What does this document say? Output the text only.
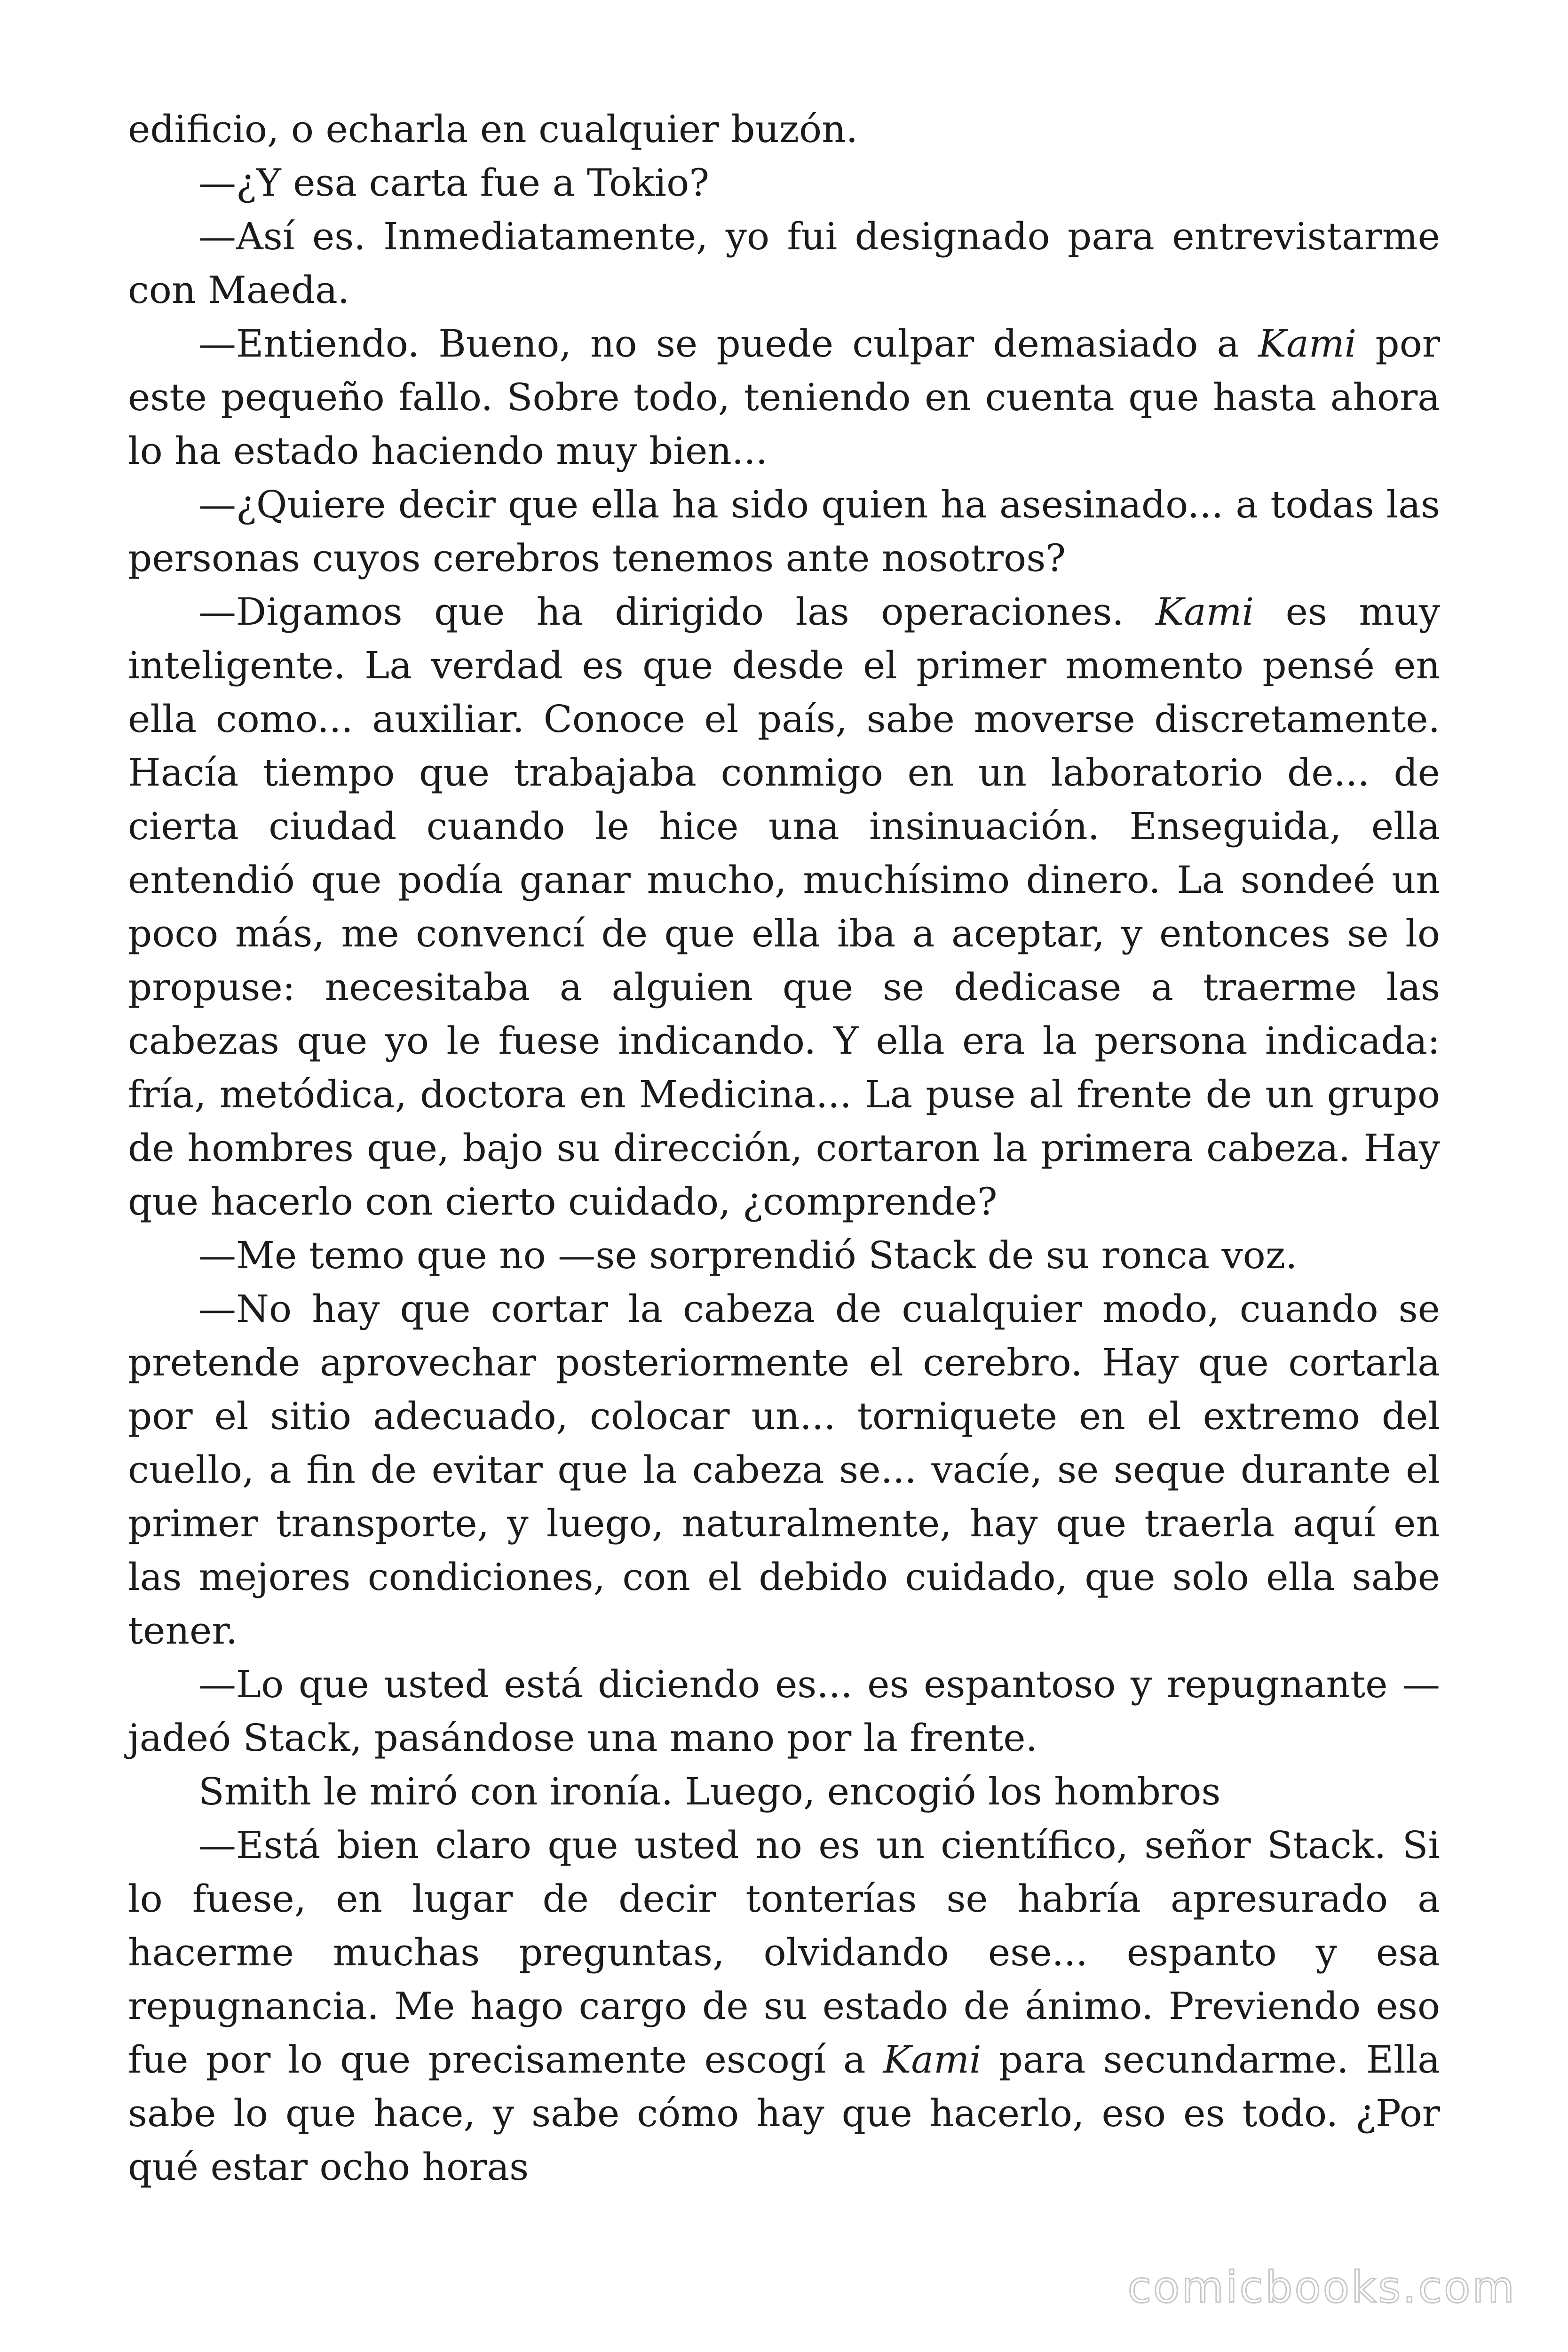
edificio, o echarla en cualquier buzón.

—¿Y esa carta fue a Tokio?

—Así es. Inmediatamente, yo fui designado para entrevistarme con Maeda.

—Entiendo. Bueno, no se puede culpar demasiado a Kami por este pequeño fallo. Sobre todo, teniendo en cuenta que hasta ahora lo ha estado haciendo muy bien...

—¿Quiere decir que ella ha sido quien ha asesinado... a todas las personas cuyos cerebros tenemos ante nosotros?

—Digamos que ha dirigido las operaciones. Kami es muy inteligente. La verdad es que desde el primer momento pensé en ella como... auxiliar. Conoce el país, sabe moverse discretamente. Hacía tiempo que trabajaba conmigo en un laboratorio de... de cierta ciudad cuando le hice una insinuación. Enseguida, ella entendió que podía ganar mucho, muchísimo dinero. La sondeé un poco más, me convencí de que ella iba a aceptar, y entonces se lo propuse: necesitaba a alguien que se dedicase a traerme las cabezas que yo le fuese indicando. Y ella era la persona indicada: fría, metódica, doctora en Medicina... La puse al frente de un grupo de hombres que, bajo su dirección, cortaron la primera cabeza. Hay que hacerlo con cierto cuidado, ¿comprende?

—Me temo que no —se sorprendió Stack de su ronca voz.

—No hay que cortar la cabeza de cualquier modo, cuando se pretende aprovechar posteriormente el cerebro. Hay que cortarla por el sitio adecuado, colocar un... torniquete en el extremo del cuello, a fin de evitar que la cabeza se... vacíe, se seque durante el primer transporte, y luego, naturalmente, hay que traerla aquí en las mejores condiciones, con el debido cuidado, que solo ella sabe tener.

—Lo que usted está diciendo es... es espantoso y repugnante — jadeó Stack, pasándose una mano por la frente.

Smith le miró con ironía. Luego, encogió los hombros

—Está bien claro que usted no es un científico, señor Stack. Si lo fuese, en lugar de decir tonterías se habría apresurado a hacerme muchas preguntas, olvidando ese... espanto y esa repugnancia. Me hago cargo de su estado de ánimo. Previendo eso fue por lo que precisamente escogí a Kami para secundarme. Ella sabe lo que hace, y sabe cómo hay que hacerlo, eso es todo. ¿Por qué estar ocho horas

comicbooks.com
